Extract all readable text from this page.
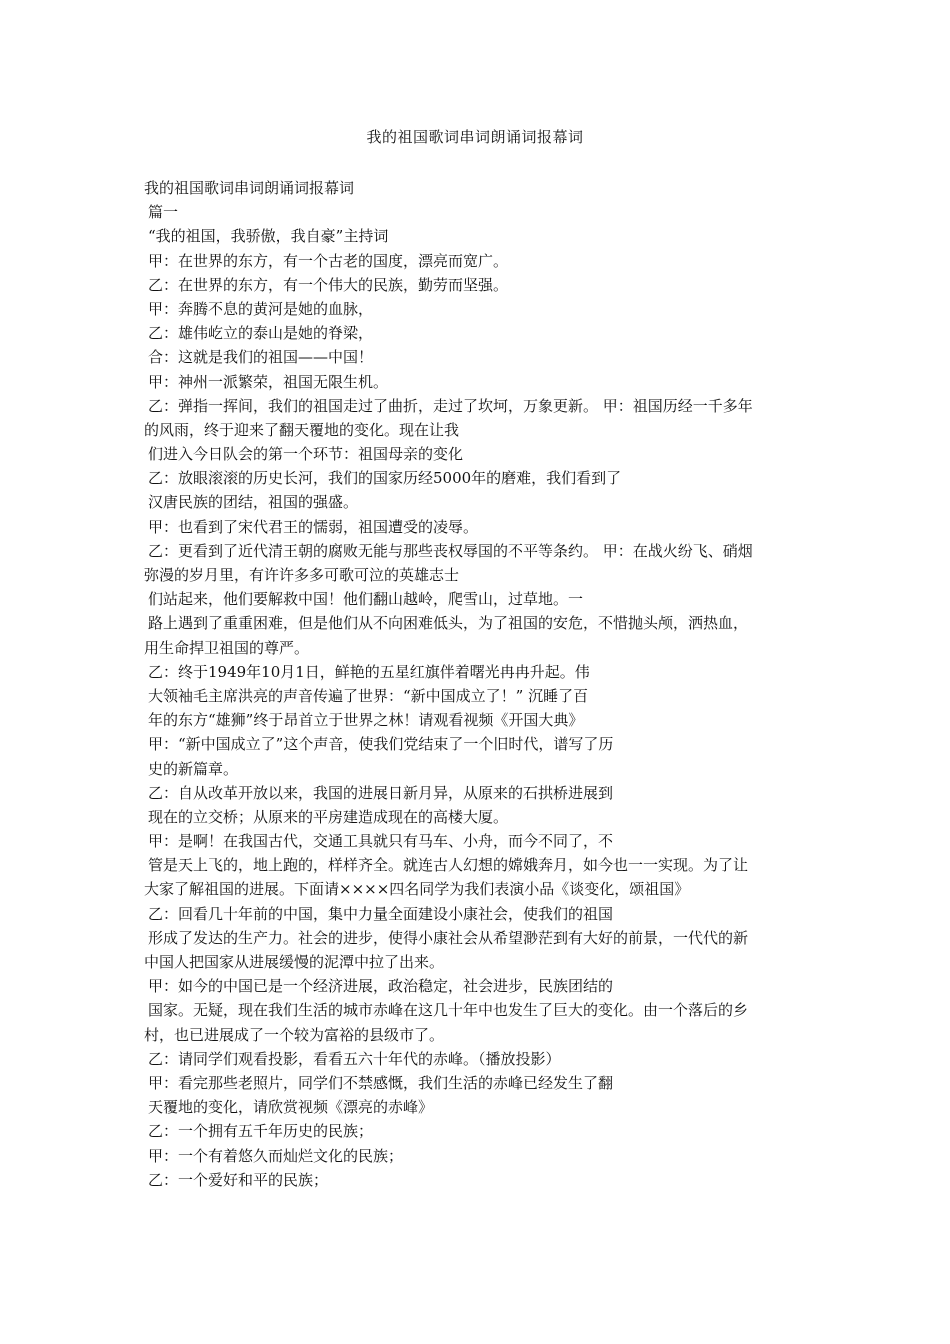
我的祖国歌词串词朗诵词报幕词
我的祖国歌词串词朗诵词报幕词
篇一
“我的祖国，我骄傲，我自豪”主持词
甲：在世界的东方，有一个古老的国度，漂亮而宽广。
乙：在世界的东方，有一个伟大的民族，勤劳而坚强。
甲：奔腾不息的黄河是她的血脉，
乙：雄伟屹立的泰山是她的脊梁，
合：这就是我们的祖国——中国！
甲：神州一派繁荣，祖国无限生机。
乙：弹指一挥间，我们的祖国走过了曲折，走过了坎坷，万象更新。 甲：祖国历经一千多年
的风雨，终于迎来了翻天覆地的变化。现在让我
们进入今日队会的第一个环节：祖国母亲的变化
乙：放眼滚滚的历史长河，我们的国家历经5000年的磨难，我们看到了
汉唐民族的团结，祖国的强盛。
甲：也看到了宋代君王的懦弱，祖国遭受的凌辱。
乙：更看到了近代清王朝的腐败无能与那些丧权辱国的不平等条约。 甲：在战火纷飞、硝烟
弥漫的岁月里，有许许多多可歌可泣的英雄志士
们站起来，他们要解救中国！他们翻山越岭，爬雪山，过草地。一
路上遇到了重重困难，但是他们从不向困难低头，为了祖国的安危，不惜抛头颅，洒热血，
用生命捍卫祖国的尊严。
乙：终于1949年10月1日，鲜艳的五星红旗伴着曙光冉冉升起。伟
大领袖毛主席洪亮的声音传遍了世界：“新中国成立了！” 沉睡了百
年的东方“雄狮”终于昂首立于世界之林！请观看视频《开国大典》
甲：“新中国成立了”这个声音，使我们党结束了一个旧时代，谱写了历
史的新篇章。
乙：自从改革开放以来，我国的进展日新月异，从原来的石拱桥进展到
现在的立交桥；从原来的平房建造成现在的高楼大厦。
甲：是啊！在我国古代，交通工具就只有马车、小舟，而今不同了，不
管是天上飞的，地上跑的，样样齐全。就连古人幻想的嫦娥奔月，如今也一一实现。为了让
大家了解祖国的进展。下面请××××四名同学为我们表演小品《谈变化，颂祖国》
乙：回看几十年前的中国，集中力量全面建设小康社会，使我们的祖国
形成了发达的生产力。社会的进步，使得小康社会从希望渺茫到有大好的前景，一代代的新
中国人把国家从进展缓慢的泥潭中拉了出来。
甲：如今的中国已是一个经济进展，政治稳定，社会进步，民族团结的
国家。无疑，现在我们生活的城市赤峰在这几十年中也发生了巨大的变化。由一个落后的乡
村，也已进展成了一个较为富裕的县级市了。
乙：请同学们观看投影，看看五六十年代的赤峰。（播放投影）
甲：看完那些老照片，同学们不禁感慨，我们生活的赤峰已经发生了翻
天覆地的变化，请欣赏视频《漂亮的赤峰》
乙：一个拥有五千年历史的民族；
甲：一个有着悠久而灿烂文化的民族；
乙：一个爱好和平的民族；
